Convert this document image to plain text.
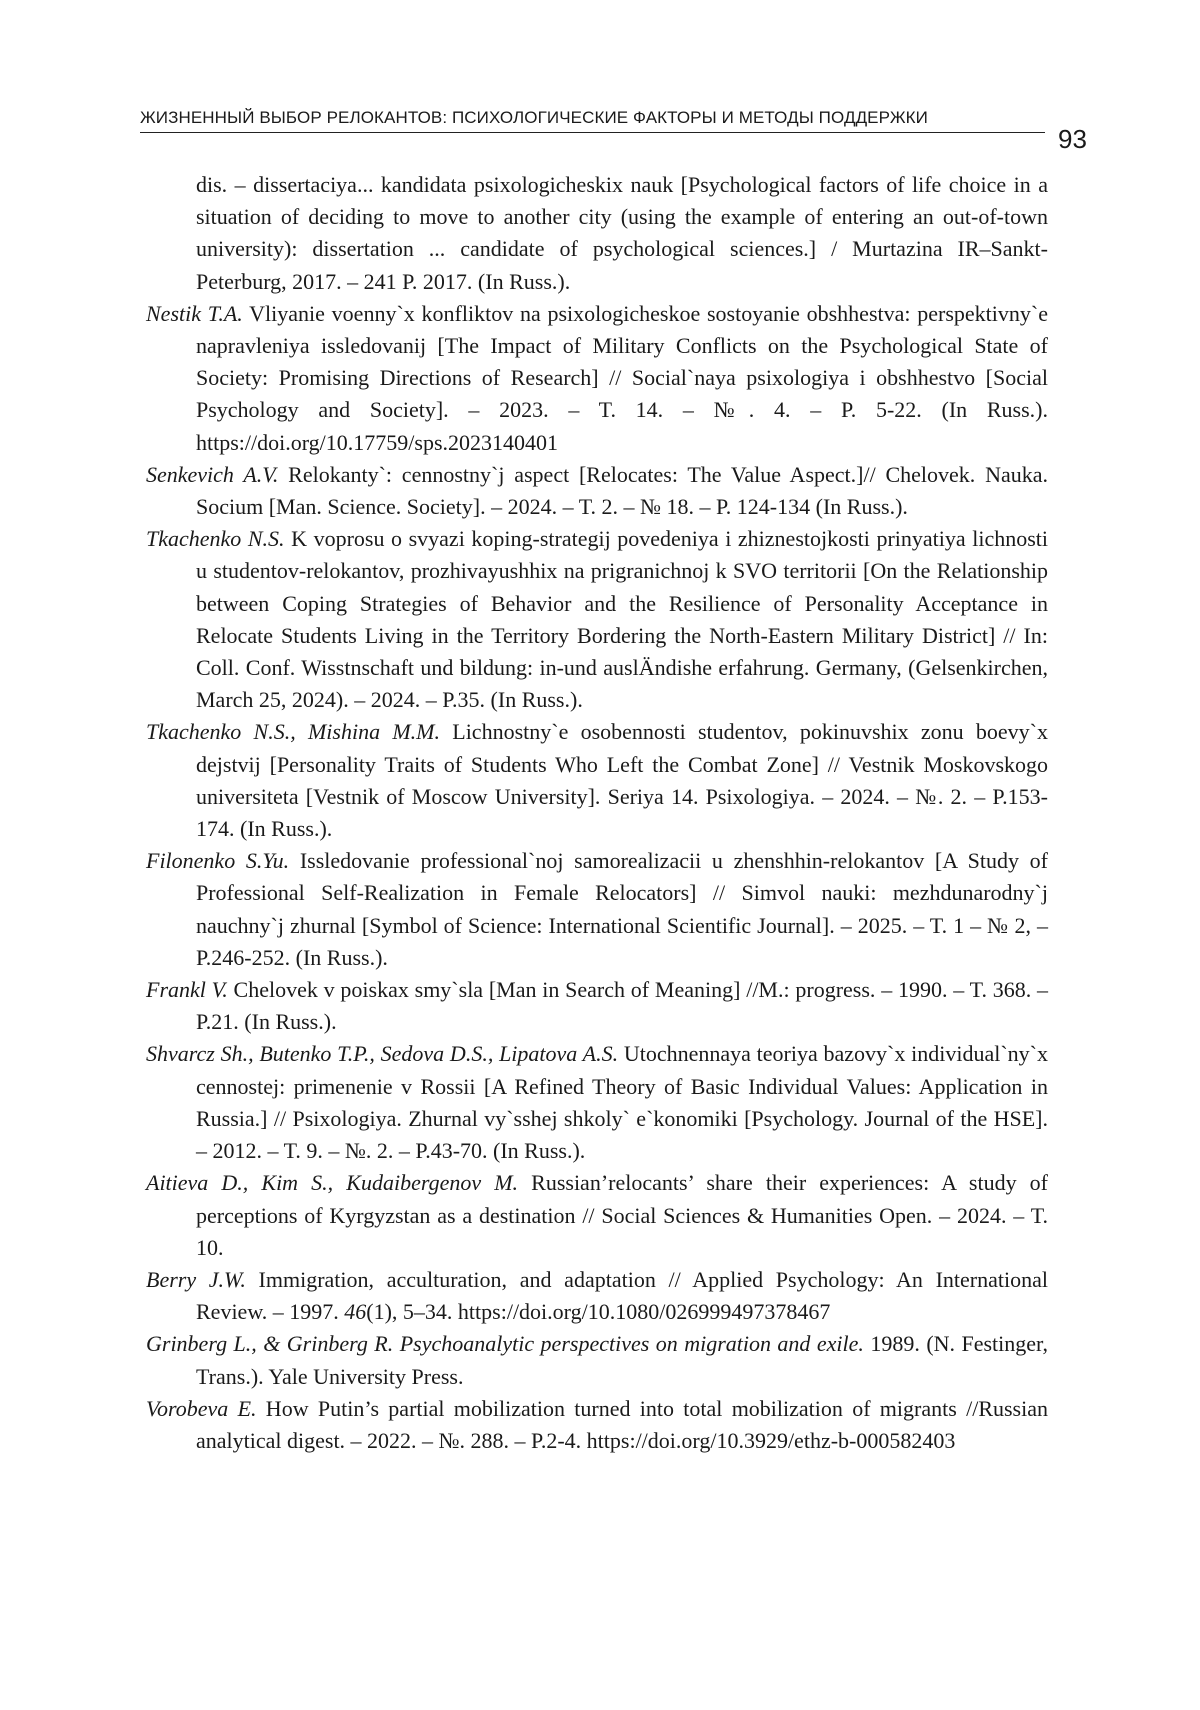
ЖИЗНЕННЫЙ ВЫБОР РЕЛОКАНТОВ: ПСИХОЛОГИЧЕСКИЕ ФАКТОРЫ И МЕТОДЫ ПОДДЕРЖКИ
93

dis. – dissertaciya... kandidata psixologicheskix nauk [Psychological factors of life choice in a situation of deciding to move to another city (using the example of entering an out-of-town university): dissertation ... candidate of psychological sciences.] / Murtazina IR–Sankt-Peterburg, 2017. – 241 P. 2017. (In Russ.).

Nestik T.A. Vliyanie voenny`x konfliktov na psixologicheskoe sostoyanie obshhestva: perspektivny`e napravleniya issledovanij [The Impact of Military Conflicts on the Psychological State of Society: Promising Directions of Research] // Social`naya psixologiya i obshhestvo [Social Psychology and Society]. – 2023. – T. 14. – №. 4. – P. 5-22. (In Russ.). https://doi.org/10.17759/sps.2023140401

Senkevich A.V. Relokanty`: cennostny`j aspect [Relocates: The Value Aspect.]// Chelovek. Nauka. Socium [Man. Science. Society]. – 2024. – T. 2. – № 18. – P. 124-134 (In Russ.).

Tkachenko N.S. K voprosu o svyazi koping-strategij povedeniya i zhiznestojkosti prinyatiya lichnosti u studentov-relokantov, prozhivayushhix na prigranichnoj k SVO territorii [On the Relationship between Coping Strategies of Behavior and the Resilience of Personality Acceptance in Relocate Students Living in the Territory Bordering the North-Eastern Military District] // In: Coll. Conf. Wisstnschaft und bildung: in-und auslÄndishe erfahrung. Germany, (Gelsenkirchen, March 25, 2024). – 2024. – P.35. (In Russ.).

Tkachenko N.S., Mishina M.M. Lichnostny`e osobennosti studentov, pokinuvshix zonu boevy`x dejstvij [Personality Traits of Students Who Left the Combat Zone] // Vestnik Moskovskogo universiteta [Vestnik of Moscow University]. Seriya 14. Psixologiya. – 2024. – №. 2. – P.153-174. (In Russ.).

Filonenko S.Yu. Issledovanie professional`noj samorealizacii u zhenshhin-relokantov [A Study of Professional Self-Realization in Female Relocators] // Simvol nauki: mezhdunarodny`j nauchny`j zhurnal [Symbol of Science: International Scientific Journal]. – 2025. – T. 1 – № 2, – P.246-252. (In Russ.).

Frankl V. Chelovek v poiskax smy`sla [Man in Search of Meaning] //M.: progress. – 1990. – T. 368. – P.21. (In Russ.).

Shvarcz Sh., Butenko T.P., Sedova D.S., Lipatova A.S. Utochnennaya teoriya bazovy`x individual`ny`x cennostej: primenenie v Rossii [A Refined Theory of Basic Individual Values: Application in Russia.] // Psixologiya. Zhurnal vy`sshej shkoly` e`konomiki [Psychology. Journal of the HSE]. – 2012. – T. 9. – №. 2. – P.43-70. (In Russ.).

Aitieva D., Kim S., Kudaibergenov M. Russian’relocants’ share their experiences: A study of perceptions of Kyrgyzstan as a destination // Social Sciences & Humanities Open. – 2024. – T. 10.

Berry J.W. Immigration, acculturation, and adaptation // Applied Psychology: An International Review. – 1997. 46(1), 5–34. https://doi.org/10.1080/026999497378467

Grinberg L., & Grinberg R. Psychoanalytic perspectives on migration and exile. 1989. (N. Festinger, Trans.). Yale University Press.

Vorobeva E. How Putin’s partial mobilization turned into total mobilization of migrants //Russian analytical digest. – 2022. – №. 288. – P.2-4. https://doi.org/10.3929/ethz-b-000582403
